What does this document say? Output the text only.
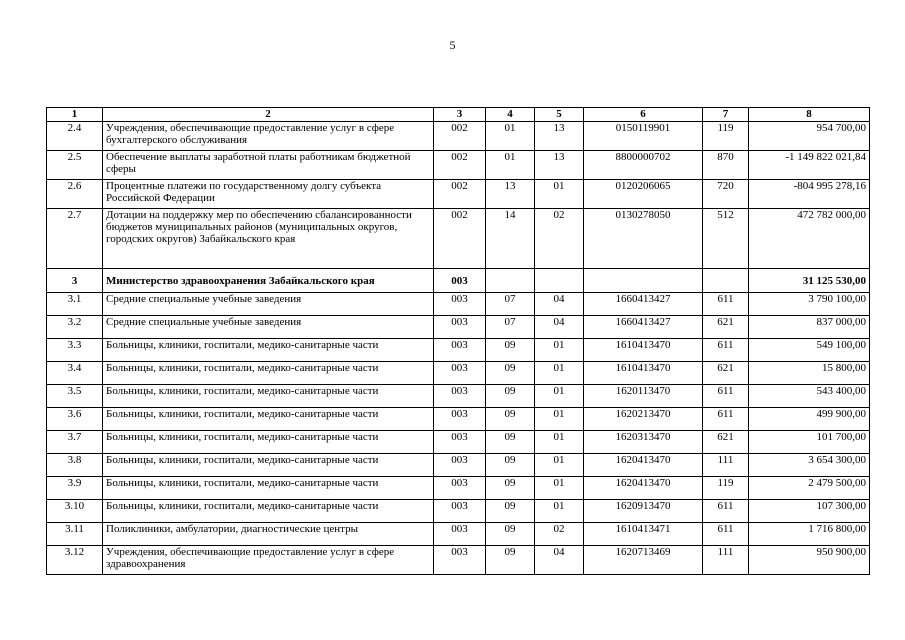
5
1	2	3	4	5	6	7	8
2.4	Учреждения, обеспечивающие предоставление услуг в сфере бухгалтерского обслуживания	002	01	13	0150119901	119	954 700,00
2.5	Обеспечение выплаты заработной платы работникам бюджетной сферы	002	01	13	8800000702	870	-1 149 822 021,84
2.6	Процентные платежи по государственному долгу субъекта Российской Федерации	002	13	01	0120206065	720	-804 995 278,16
2.7	Дотации на поддержку мер по обеспечению сбалансированности бюджетов муниципальных районов (муниципальных округов, городских округов) Забайкальского края	002	14	02	0130278050	512	472 782 000,00
3	Министерство здравоохранения Забайкальского края	003					31 125 530,00
3.1	Средние специальные учебные заведения	003	07	04	1660413427	611	3 790 100,00
3.2	Средние специальные учебные заведения	003	07	04	1660413427	621	837 000,00
3.3	Больницы, клиники, госпитали, медико-санитарные части	003	09	01	1610413470	611	549 100,00
3.4	Больницы, клиники, госпитали, медико-санитарные части	003	09	01	1610413470	621	15 800,00
3.5	Больницы, клиники, госпитали, медико-санитарные части	003	09	01	1620113470	611	543 400,00
3.6	Больницы, клиники, госпитали, медико-санитарные части	003	09	01	1620213470	611	499 900,00
3.7	Больницы, клиники, госпитали, медико-санитарные части	003	09	01	1620313470	621	101 700,00
3.8	Больницы, клиники, госпитали, медико-санитарные части	003	09	01	1620413470	111	3 654 300,00
3.9	Больницы, клиники, госпитали, медико-санитарные части	003	09	01	1620413470	119	2 479 500,00
3.10	Больницы, клиники, госпитали, медико-санитарные части	003	09	01	1620913470	611	107 300,00
3.11	Поликлиники, амбулатории, диагностические центры	003	09	02	1610413471	611	1 716 800,00
3.12	Учреждения, обеспечивающие предоставление услуг в сфере здравоохранения	003	09	04	1620713469	111	950 900,00
